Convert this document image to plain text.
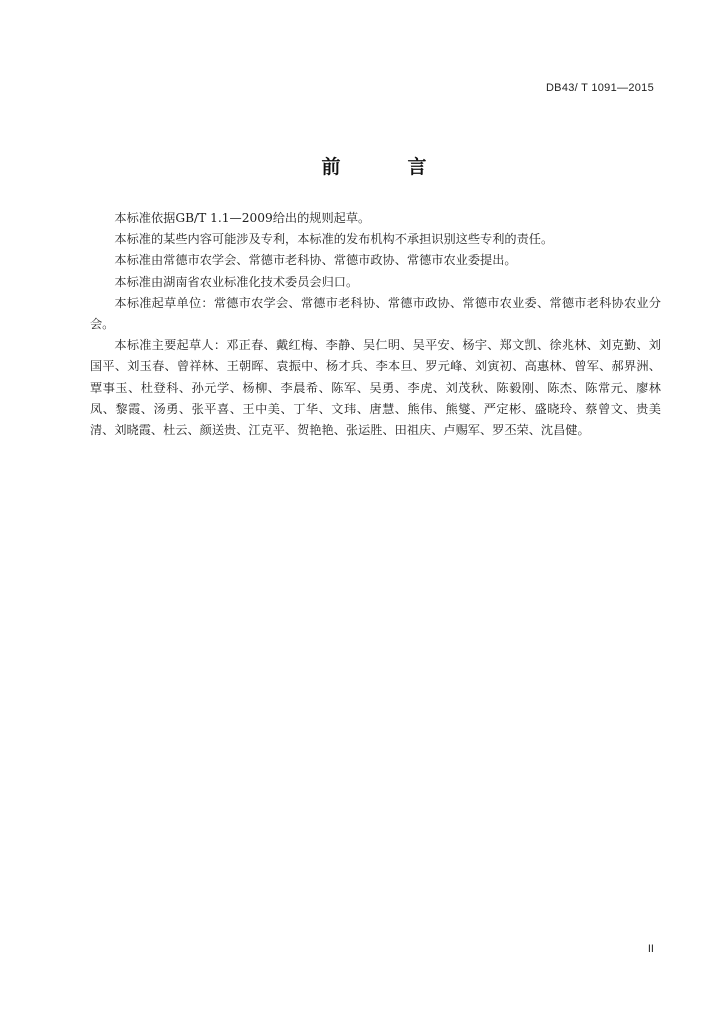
DB43/ T 1091—2015
前　言

本标准依据GB/T 1.1—2009给出的规则起草。

本标准的某些内容可能涉及专利，本标准的发布机构不承担识别这些专利的责任。

本标准由常德市农学会、常德市老科协、常德市政协、常德市农业委提出。

本标准由湖南省农业标准化技术委员会归口。

本标准起草单位：常德市农学会、常德市老科协、常德市政协、常德市农业委、常德市老科协农业分会。

本标准主要起草人：邓正春、戴红梅、李静、吴仁明、吴平安、杨宇、郑文凯、徐兆林、刘克勤、刘国平、刘玉春、曾祥林、王朝晖、袁振中、杨才兵、李本旦、罗元峰、刘寅初、高惠林、曾军、郝界洲、覃事玉、杜登科、孙元学、杨柳、李晨希、陈军、吴勇、李虎、刘茂秋、陈毅刚、陈杰、陈常元、廖林凤、黎霞、汤勇、张平喜、王中美、丁华、文玮、唐慧、熊伟、熊燮、严定彬、盛晓玲、蔡曾文、贵美清、刘晓霞、杜云、颜送贵、江克平、贺艳艳、张运胜、田祖庆、卢赐军、罗丕荣、沈昌健。

II
